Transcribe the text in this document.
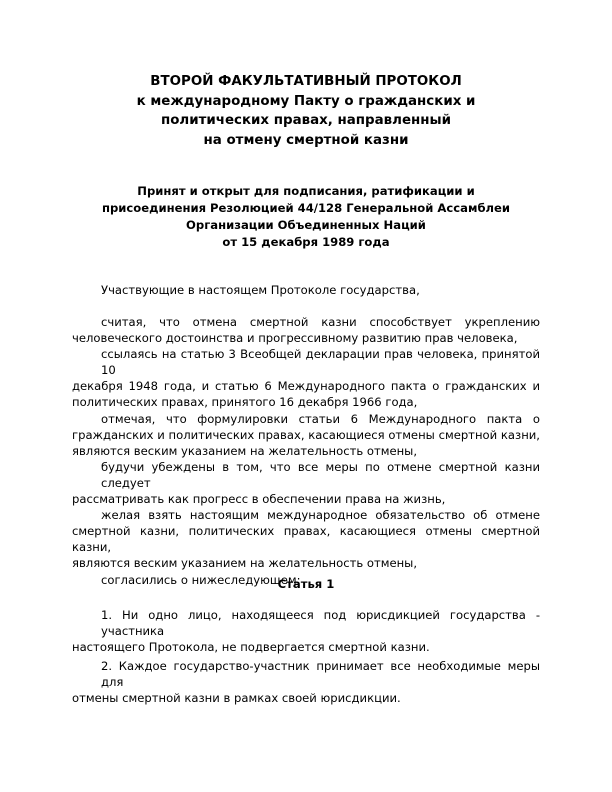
ВТОРОЙ ФАКУЛЬТАТИВНЫЙ ПРОТОКОЛ
к международному Пакту о гражданских и
политических правах, направленный
на отмену смертной казни
Принят и открыт для подписания, ратификации и
присоединения Резолюцией 44/128 Генеральной Ассамблеи
Организации Объединенных Наций
от 15 декабря 1989 года
Участвующие в настоящем Протоколе государства,
считая, что отмена смертной казни способствует укреплению
человеческого достоинства и прогрессивному развитию прав человека,
ссылаясь на статью 3 Всеобщей декларации прав человека, принятой 10
декабря 1948 года, и статью 6 Международного пакта о гражданских и
политических правах, принятого 16 декабря 1966 года,
отмечая, что формулировки статьи 6 Международного пакта о
гражданских и политических правах, касающиеся отмены смертной казни,
являются веским указанием на желательность отмены,
будучи убеждены в том, что все меры по отмене смертной казни следует
рассматривать как прогресс в обеспечении права на жизнь,
желая взять настоящим международное обязательство об отмене
смертной казни, политических правах, касающиеся отмены смертной казни,
являются веским указанием на желательность отмены,
согласились о нижеследующем:
Статья 1
1. Ни одно лицо, находящееся под юрисдикцией государства - участника
настоящего Протокола, не подвергается смертной казни.
2. Каждое государство-участник принимает все необходимые меры для
отмены смертной казни в рамках своей юрисдикции.
